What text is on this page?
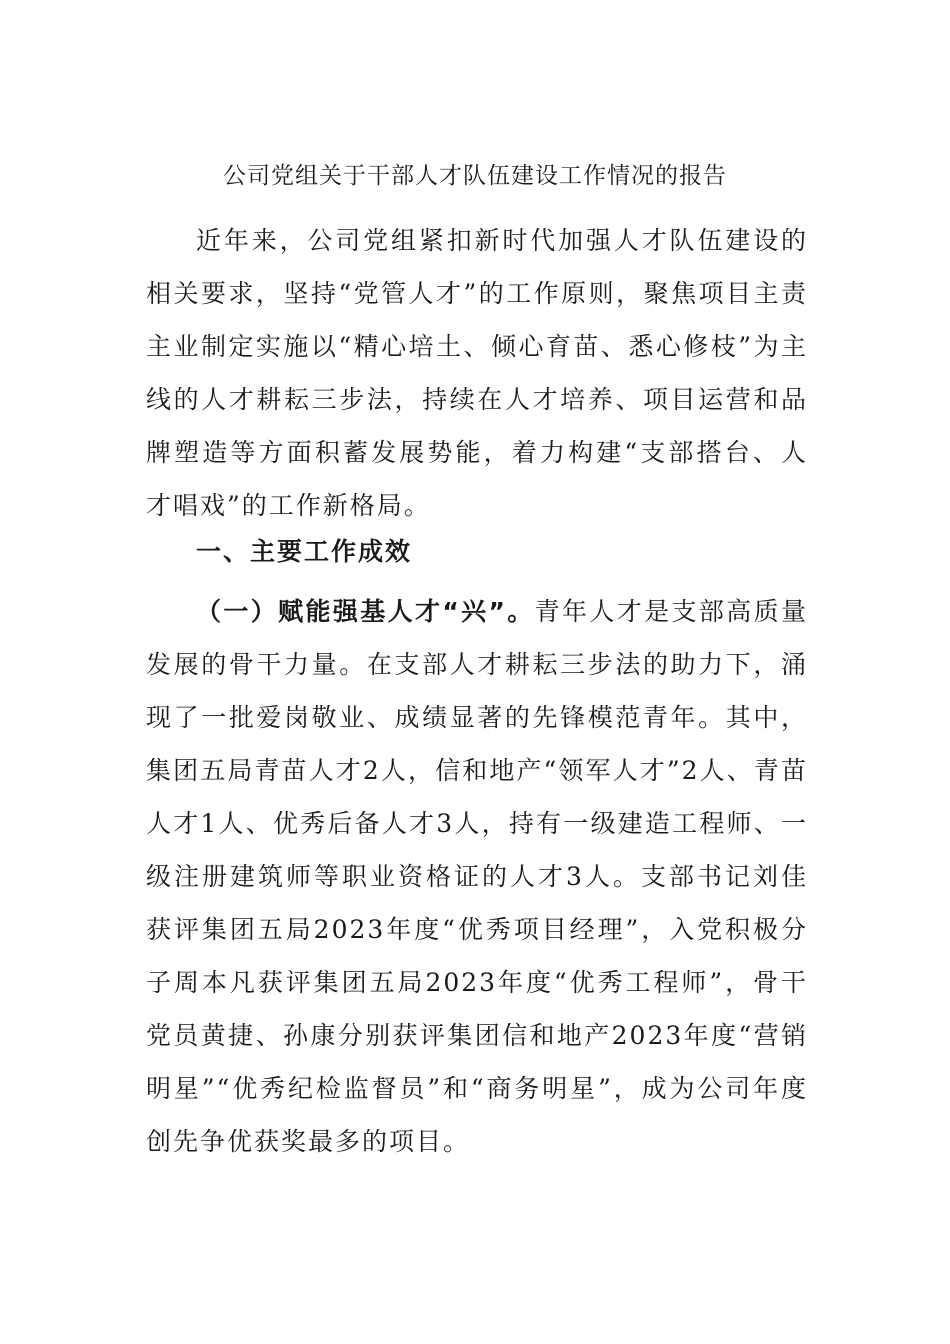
公司党组关于干部人才队伍建设工作情况的报告

近年来，公司党组紧扣新时代加强人才队伍建设的相关要求，坚持“党管人才”的工作原则，聚焦项目主责主业制定实施以“精心培土、倾心育苗、悉心修枝”为主线的人才耕耘三步法，持续在人才培养、项目运营和品牌塑造等方面积蓄发展势能，着力构建“支部搭台、人才唱戏”的工作新格局。

一、主要工作成效

（一）赋能强基人才“兴”。青年人才是支部高质量发展的骨干力量。在支部人才耕耘三步法的助力下，涌现了一批爱岗敬业、成绩显著的先锋模范青年。其中，集团五局青苗人才2人，信和地产“领军人才”2人、青苗人才1人、优秀后备人才3人，持有一级建造工程师、一级注册建筑师等职业资格证的人才3人。支部书记刘佳获评集团五局2023年度“优秀项目经理”，入党积极分子周本凡获评集团五局2023年度“优秀工程师”，骨干党员黄捷、孙康分别获评集团信和地产2023年度“营销明星”“优秀纪检监督员”和“商务明星”，成为公司年度创先争优获奖最多的项目。
